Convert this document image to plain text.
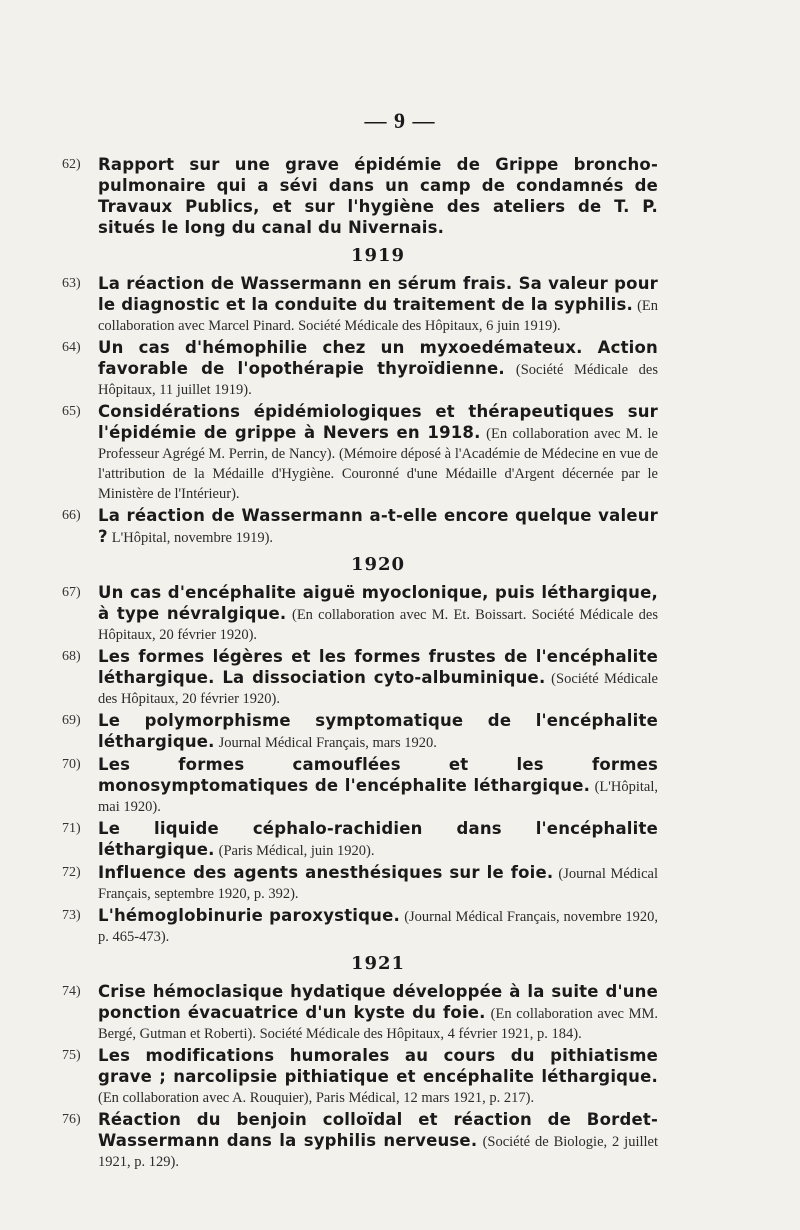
— 9 —
62)	Rapport sur une grave épidémie de Grippe broncho-pulmonaire qui a sévi dans un camp de condamnés de Travaux Publics, et sur l'hygiène des ateliers de T. P. situés le long du canal du Nivernais.
1919
63)	La réaction de Wassermann en sérum frais. Sa valeur pour le diagnostic et la conduite du traitement de la syphilis. (En collaboration avec Marcel Pinard. Société Médicale des Hôpitaux, 6 juin 1919).
64)	Un cas d'hémophilie chez un myxoedémateux. Action favorable de l'opothérapie thyroïdienne. (Société Médicale des Hôpitaux, 11 juillet 1919).
65)	Considérations épidémiologiques et thérapeutiques sur l'épidémie de grippe à Nevers en 1918. (En collaboration avec M. le Professeur Agrégé M. Perrin, de Nancy). (Mémoire déposé à l'Académie de Médecine en vue de l'attribution de la Médaille d'Hygiène. Couronné d'une Médaille d'Argent décernée par le Ministère de l'Intérieur).
66)	La réaction de Wassermann a-t-elle encore quelque valeur ? L'Hôpital, novembre 1919).
1920
67)	Un cas d'encéphalite aiguë myoclonique, puis léthargique, à type névralgique. (En collaboration avec M. Et. Boissart. Société Médicale des Hôpitaux, 20 février 1920).
68)	Les formes légères et les formes frustes de l'encéphalite léthargique. La dissociation cyto-albuminique. (Société Médicale des Hôpitaux, 20 février 1920).
69)	Le polymorphisme symptomatique de l'encéphalite léthargique. Journal Médical Français, mars 1920.
70)	Les formes camouflées et les formes monosymptomatiques de l'encéphalite léthargique. (L'Hôpital, mai 1920).
71)	Le liquide céphalo-rachidien dans l'encéphalite léthargique. (Paris Médical, juin 1920).
72)	Influence des agents anesthésiques sur le foie. (Journal Médical Français, septembre 1920, p. 392).
73)	L'hémoglobinurie paroxystique. (Journal Médical Français, novembre 1920, p. 465-473).
1921
74)	Crise hémoclasique hydatique développée à la suite d'une ponction évacuatrice d'un kyste du foie. (En collaboration avec MM. Bergé, Gutman et Roberti). Société Médicale des Hôpitaux, 4 février 1921, p. 184).
75)	Les modifications humorales au cours du pithiatisme grave ; narcolipsie pithiatique et encéphalite léthargique. (En collaboration avec A. Rouquier), Paris Médical, 12 mars 1921, p. 217).
76)	Réaction du benjoin colloïdal et réaction de Bordet-Wassermann dans la syphilis nerveuse. (Société de Biologie, 2 juillet 1921, p. 129).
